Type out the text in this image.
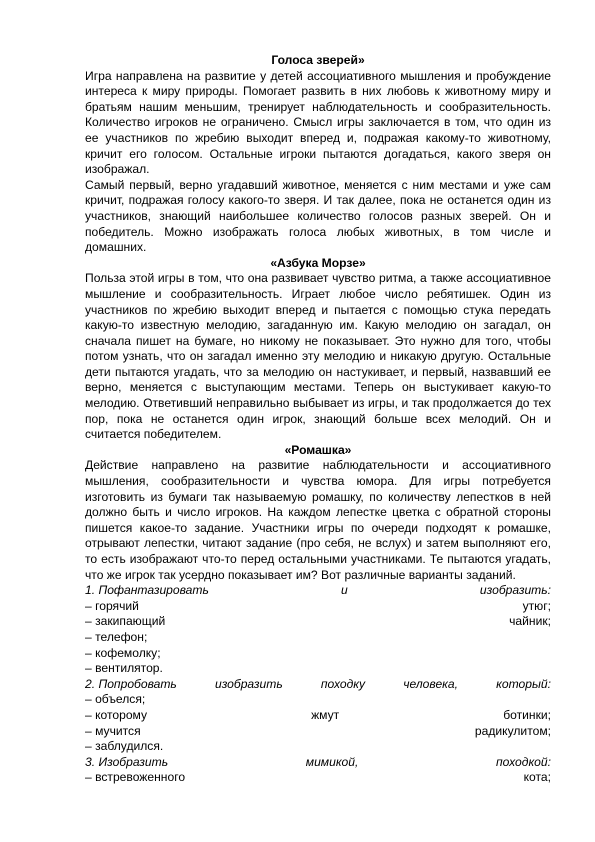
Голоса зверей»

Игра направлена на развитие у детей ассоциативного мышления и пробуждение интереса к миру природы. Помогает развить в них любовь к животному миру и братьям нашим меньшим, тренирует наблюдательность и сообразительность. Количество игроков не ограничено. Смысл игры заключается в том, что один из ее участников по жребию выходит вперед и, подражая какому-то животному, кричит его голосом. Остальные игроки пытаются догадаться, какого зверя он изображал.

Самый первый, верно угадавший животное, меняется с ним местами и уже сам кричит, подражая голосу какого-то зверя. И так далее, пока не останется один из участников, знающий наибольшее количество голосов разных зверей. Он и победитель. Можно изображать голоса любых животных, в том числе и домашних.

«Азбука Морзе»

Польза этой игры в том, что она развивает чувство ритма, а также ассоциативное мышление и сообразительность. Играет любое число ребятишек. Один из участников по жребию выходит вперед и пытается с помощью стука передать какую-то известную мелодию, загаданную им. Какую мелодию он загадал, он сначала пишет на бумаге, но никому не показывает. Это нужно для того, чтобы потом узнать, что он загадал именно эту мелодию и никакую другую. Остальные дети пытаются угадать, что за мелодию он настукивает, и первый, назвавший ее верно, меняется с выступающим местами. Теперь он выстукивает какую-то мелодию. Ответивший неправильно выбывает из игры, и так продолжается до тех пор, пока не останется один игрок, знающий больше всех мелодий. Он и считается победителем.

«Ромашка»

Действие направлено на развитие наблюдательности и ассоциативного мышления, сообразительности и чувства юмора. Для игры потребуется изготовить из бумаги так называемую ромашку, по количеству лепестков в ней должно быть и число игроков. На каждом лепестке цветка с обратной стороны пишется какое-то задание. Участники игры по очереди подходят к ромашке, отрывают лепестки, читают задание (про себя, не вслух) и затем выполняют его, то есть изображают что-то перед остальными участниками. Те пытаются угадать, что же игрок так усердно показывает им? Вот различные варианты заданий.

1. Пофантазировать	и	изобразить:
– горячий	утюг;
– закипающий	чайник;
– телефон;
– кофемолку;
– вентилятор.
2. Попробовать	изобразить	походку	человека,	который:
– объелся;
– которому	жмут	ботинки;
– мучится	радикулитом;
– заблудился.
3. Изобразить	мимикой,	походкой:
– встревоженного	кота;
